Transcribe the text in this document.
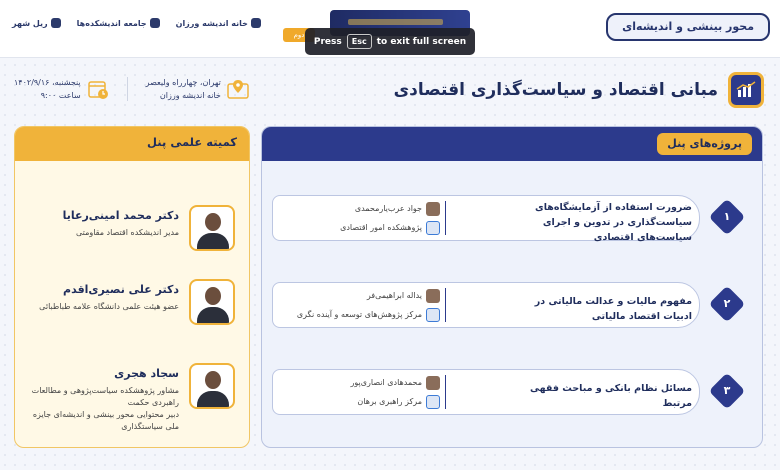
خانه اندیشه ورزان
جامعه اندیشکده‌ها
ریل شهر
دوم
محور بینشی و اندیشه‌ای
Press	Esc	to exit full screen
مبانی اقتصاد و سیاست‌گذاری اقتصادی
تهران، چهارراه ولیعصر
خانه اندیشه ورزان
پنجشنبه، ۱۴۰۲/۹/۱۶
ساعت ۹:۰۰
پروژه‌های پنل
۱
ضرورت استفاده از آزمایشگاه‌های سیاست‌گذاری در تدوین و اجرای سیاست‌های اقتصادی
جواد عرب‌یارمحمدی
پژوهشکده امور اقتصادی
۲
مفهوم مالیات و عدالت مالیاتی در ادبیات اقتصاد مالیاتی
یداله ابراهیمی‌فر
مرکز پژوهش‌های توسعه و آینده نگری
۳
مسائل نظام بانکی و مباحث فقهی مرتبط
محمدهادی انصاری‌پور
مرکز راهبری برهان
کمیته علمی پنل
دکتر محمد امینی‌رعایا
مدیر اندیشکده اقتصاد مقاومتی
دکتر علی نصیری‌اقدم
عضو هیئت علمی دانشگاه علامه طباطبائی
سجاد هجری
مشاور پژوهشکده سیاست‌پژوهی و مطالعات راهبردی حکمت
دبیر محتوایی محور بینشی و اندیشه‌ای جایزه ملی سیاستگذاری
